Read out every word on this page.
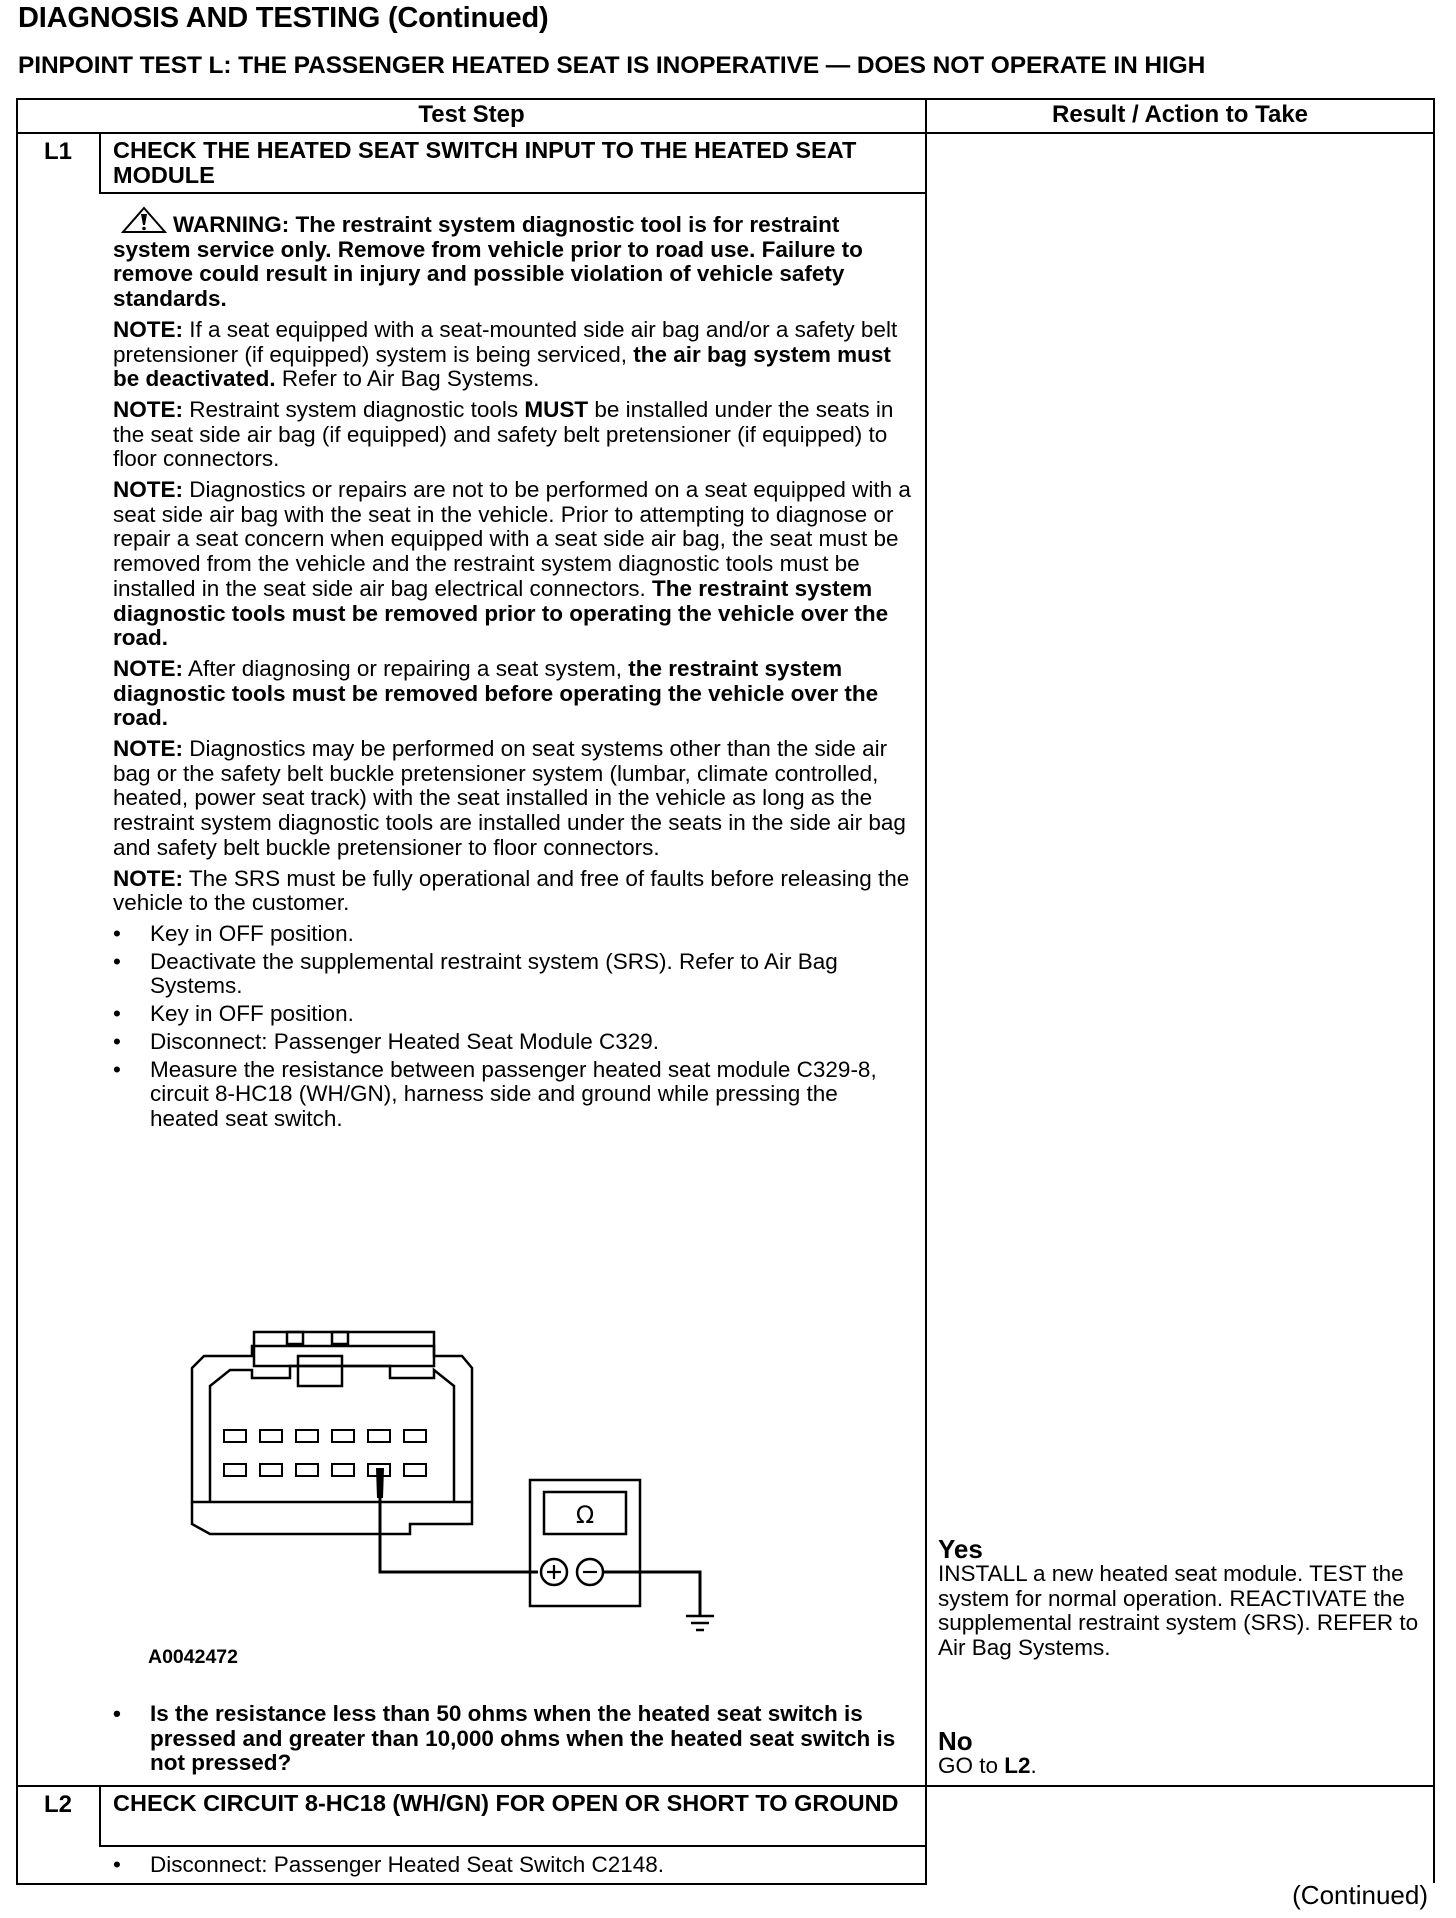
DIAGNOSIS AND TESTING (Continued)
PINPOINT TEST L: THE PASSENGER HEATED SEAT IS INOPERATIVE — DOES NOT OPERATE IN HIGH
Test Step	Result / Action to Take
L1 CHECK THE HEATED SEAT SWITCH INPUT TO THE HEATED SEAT MODULE
WARNING: The restraint system diagnostic tool is for restraint system service only. Remove from vehicle prior to road use. Failure to remove could result in injury and possible violation of vehicle safety standards.
NOTE: If a seat equipped with a seat-mounted side air bag and/or a safety belt pretensioner (if equipped) system is being serviced, the air bag system must be deactivated. Refer to Air Bag Systems.
NOTE: Restraint system diagnostic tools MUST be installed under the seats in the seat side air bag (if equipped) and safety belt pretensioner (if equipped) to floor connectors.
NOTE: Diagnostics or repairs are not to be performed on a seat equipped with a seat side air bag with the seat in the vehicle. Prior to attempting to diagnose or repair a seat concern when equipped with a seat side air bag, the seat must be removed from the vehicle and the restraint system diagnostic tools must be installed in the seat side air bag electrical connectors. The restraint system diagnostic tools must be removed prior to operating the vehicle over the road.
NOTE: After diagnosing or repairing a seat system, the restraint system diagnostic tools must be removed before operating the vehicle over the road.
NOTE: Diagnostics may be performed on seat systems other than the side air bag or the safety belt buckle pretensioner system (lumbar, climate controlled, heated, power seat track) with the seat installed in the vehicle as long as the restraint system diagnostic tools are installed under the seats in the side air bag and safety belt buckle pretensioner to floor connectors.
NOTE: The SRS must be fully operational and free of faults before releasing the vehicle to the customer.
• Key in OFF position.
• Deactivate the supplemental restraint system (SRS). Refer to Air Bag Systems.
• Key in OFF position.
• Disconnect: Passenger Heated Seat Module C329.
• Measure the resistance between passenger heated seat module C329-8, circuit 8-HC18 (WH/GN), harness side and ground while pressing the heated seat switch.
Ω
A0042472
• Is the resistance less than 50 ohms when the heated seat switch is pressed and greater than 10,000 ohms when the heated seat switch is not pressed?
Yes
INSTALL a new heated seat module. TEST the system for normal operation. REACTIVATE the supplemental restraint system (SRS). REFER to Air Bag Systems.
No
GO to L2.
L2 CHECK CIRCUIT 8-HC18 (WH/GN) FOR OPEN OR SHORT TO GROUND
• Disconnect: Passenger Heated Seat Switch C2148.
(Continued)
